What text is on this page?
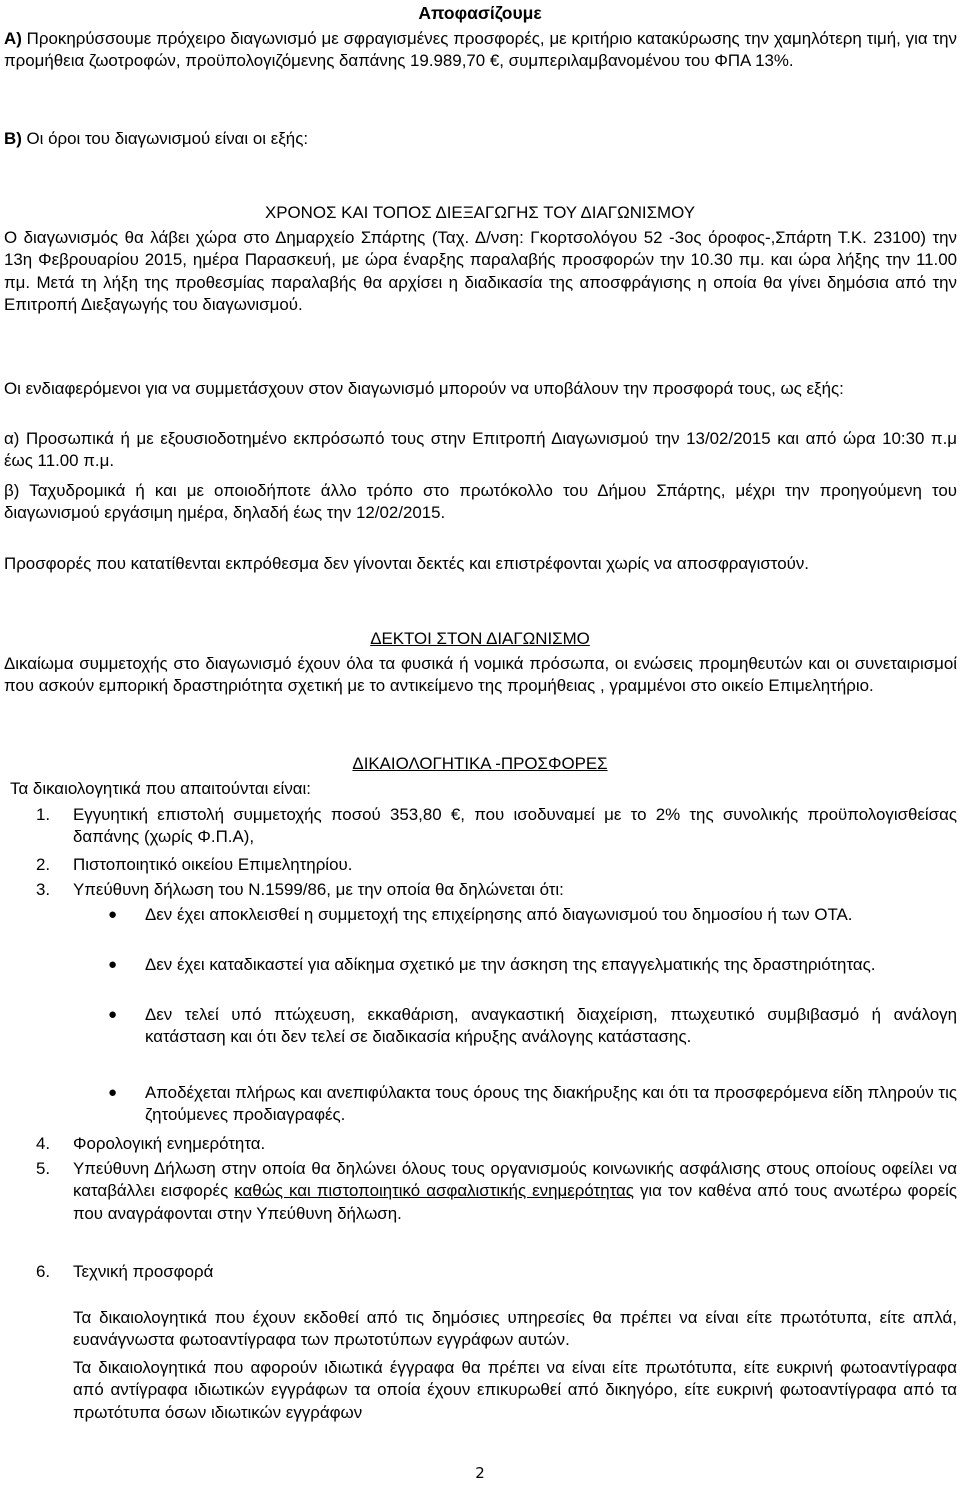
Αποφασίζουμε
Α) Προκηρύσσουμε πρόχειρο διαγωνισμό με σφραγισμένες προσφορές, με κριτήριο κατακύρωσης την χαμηλότερη τιμή, για την προμήθεια ζωοτροφών, προϋπολογιζόμενης δαπάνης 19.989,70 €, συμπεριλαμβανομένου του ΦΠΑ 13%.
Β) Οι όροι του διαγωνισμού είναι οι εξής:
ΧΡΟΝΟΣ ΚΑΙ ΤΟΠΟΣ ΔΙΕΞΑΓΩΓΗΣ ΤΟΥ ΔΙΑΓΩΝΙΣΜΟΥ
Ο διαγωνισμός θα λάβει χώρα στο Δημαρχείο Σπάρτης (Ταχ. Δ/νση: Γκορτσολόγου 52 -3ος όροφος-,Σπάρτη Τ.Κ. 23100) την 13η Φεβρουαρίου 2015, ημέρα Παρασκευή, με ώρα έναρξης παραλαβής προσφορών την 10.30 πμ. και ώρα λήξης την 11.00 πμ. Μετά τη λήξη της προθεσμίας παραλαβής θα αρχίσει η διαδικασία της αποσφράγισης η οποία θα γίνει δημόσια από την Επιτροπή Διεξαγωγής του διαγωνισμού.
Οι ενδιαφερόμενοι για να συμμετάσχουν στον διαγωνισμό μπορούν να υποβάλουν την προσφορά τους, ως εξής:
α) Προσωπικά ή με εξουσιοδοτημένο εκπρόσωπό τους στην Επιτροπή Διαγωνισμού την 13/02/2015 και από ώρα 10:30 π.μ έως 11.00 π.μ.
β) Ταχυδρομικά ή και με οποιοδήποτε άλλο τρόπο στο πρωτόκολλο του Δήμου Σπάρτης, μέχρι την προηγούμενη του διαγωνισμού εργάσιμη ημέρα, δηλαδή έως την 12/02/2015.
Προσφορές που κατατίθενται εκπρόθεσμα δεν γίνονται δεκτές και επιστρέφονται χωρίς να αποσφραγιστούν.
ΔΕΚΤΟΙ ΣΤΟΝ ΔΙΑΓΩΝΙΣΜΟ
Δικαίωμα συμμετοχής στο διαγωνισμό έχουν όλα τα φυσικά ή νομικά πρόσωπα, οι ενώσεις προμηθευτών και οι συνεταιρισμοί που ασκούν εμπορική δραστηριότητα σχετική με το αντικείμενο της προμήθειας , γραμμένοι στο οικείο Επιμελητήριο.
ΔΙΚΑΙΟΛΟΓΗΤΙΚΑ -ΠΡΟΣΦΟΡΕΣ
Τα δικαιολογητικά που απαιτούνται είναι:
1. Εγγυητική επιστολή συμμετοχής ποσού 353,80 €, που ισοδυναμεί με το 2% της συνολικής προϋπολογισθείσας δαπάνης (χωρίς Φ.Π.Α),
2. Πιστοποιητικό οικείου Επιμελητηρίου.
3. Υπεύθυνη δήλωση του Ν.1599/86, με την οποία θα δηλώνεται ότι:
● Δεν έχει αποκλεισθεί η συμμετοχή της επιχείρησης από διαγωνισμού του δημοσίου ή των ΟΤΑ.
● Δεν έχει καταδικαστεί για αδίκημα σχετικό με την άσκηση της επαγγελματικής της δραστηριότητας.
● Δεν τελεί υπό πτώχευση, εκκαθάριση, αναγκαστική διαχείριση, πτωχευτικό συμβιβασμό ή ανάλογη κατάσταση και ότι δεν τελεί σε διαδικασία κήρυξης ανάλογης κατάστασης.
● Αποδέχεται πλήρως και ανεπιφύλακτα τους όρους της διακήρυξης και ότι τα προσφερόμενα είδη πληρούν τις ζητούμενες προδιαγραφές.
4. Φορολογική ενημερότητα.
5. Υπεύθυνη Δήλωση στην οποία θα δηλώνει όλους τους οργανισμούς κοινωνικής ασφάλισης στους οποίους οφείλει να καταβάλλει εισφορές καθώς και πιστοποιητικό ασφαλιστικής ενημερότητας για τον καθένα από τους ανωτέρω φορείς που αναγράφονται στην Υπεύθυνη δήλωση.
6. Τεχνική προσφορά
Τα δικαιολογητικά που έχουν εκδοθεί από τις δημόσιες υπηρεσίες θα πρέπει να είναι είτε πρωτότυπα, είτε απλά, ευανάγνωστα φωτοαντίγραφα των πρωτοτύπων εγγράφων αυτών.
Τα δικαιολογητικά που αφορούν ιδιωτικά έγγραφα θα πρέπει να είναι είτε πρωτότυπα, είτε ευκρινή φωτοαντίγραφα από αντίγραφα ιδιωτικών εγγράφων τα οποία έχουν επικυρωθεί από δικηγόρο, είτε ευκρινή φωτοαντίγραφα από τα πρωτότυπα όσων ιδιωτικών εγγράφων
2
